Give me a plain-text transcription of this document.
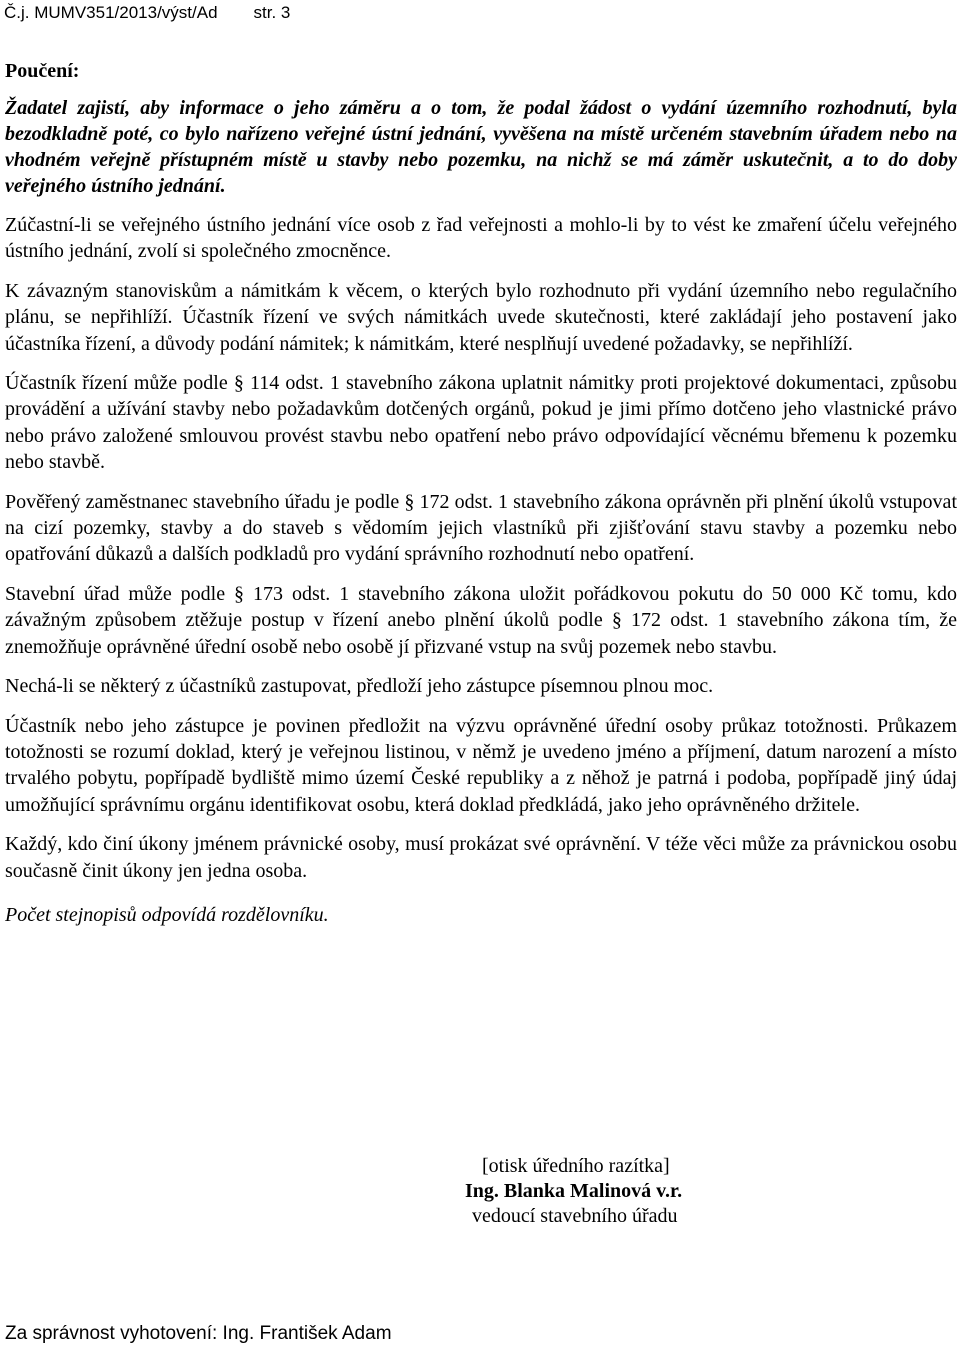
Č.j. MUMV351/2013/výst/Ad str. 3
Poučení:

Žadatel zajistí, aby informace o jeho záměru a o tom, že podal žádost o vydání územního rozhodnutí, byla bezodkladně poté, co bylo nařízeno veřejné ústní jednání, vyvěšena na místě určeném stavebním úřadem nebo na vhodném veřejně přístupném místě u stavby nebo pozemku, na nichž se má záměr uskutečnit, a to do doby veřejného ústního jednání.

Zúčastní-li se veřejného ústního jednání více osob z řad veřejnosti a mohlo-li by to vést ke zmaření účelu veřejného ústního jednání, zvolí si společného zmocněnce.

K závazným stanoviskům a námitkám k věcem, o kterých bylo rozhodnuto při vydání územního nebo regulačního plánu, se nepřihlíží. Účastník řízení ve svých námitkách uvede skutečnosti, které zakládají jeho postavení jako účastníka řízení, a důvody podání námitek; k námitkám, které nesplňují uvedené požadavky, se nepřihlíží.

Účastník řízení může podle § 114 odst. 1 stavebního zákona uplatnit námitky proti projektové dokumentaci, způsobu provádění a užívání stavby nebo požadavkům dotčených orgánů, pokud je jimi přímo dotčeno jeho vlastnické právo nebo právo založené smlouvou provést stavbu nebo opatření nebo právo odpovídající věcnému břemenu k pozemku nebo stavbě.

Pověřený zaměstnanec stavebního úřadu je podle § 172 odst. 1 stavebního zákona oprávněn při plnění úkolů vstupovat na cizí pozemky, stavby a do staveb s vědomím jejich vlastníků při zjišťování stavu stavby a pozemku nebo opatřování důkazů a dalších podkladů pro vydání správního rozhodnutí nebo opatření.

Stavební úřad může podle § 173 odst. 1 stavebního zákona uložit pořádkovou pokutu do 50 000 Kč tomu, kdo závažným způsobem ztěžuje postup v řízení anebo plnění úkolů podle § 172 odst. 1 stavebního zákona tím, že znemožňuje oprávněné úřední osobě nebo osobě jí přizvané vstup na svůj pozemek nebo stavbu.

Nechá-li se některý z účastníků zastupovat, předloží jeho zástupce písemnou plnou moc.

Účastník nebo jeho zástupce je povinen předložit na výzvu oprávněné úřední osoby průkaz totožnosti. Průkazem totožnosti se rozumí doklad, který je veřejnou listinou, v němž je uvedeno jméno a příjmení, datum narození a místo trvalého pobytu, popřípadě bydliště mimo území České republiky a z něhož je patrná i podoba, popřípadě jiný údaj umožňující správnímu orgánu identifikovat osobu, která doklad předkládá, jako jeho oprávněného držitele.

Každý, kdo činí úkony jménem právnické osoby, musí prokázat své oprávnění. V téže věci může za právnickou osobu současně činit úkony jen jedna osoba.

Počet stejnopisů odpovídá rozdělovníku.

[otisk úředního razítka]
Ing. Blanka Malinová v.r.
vedoucí stavebního úřadu
Za správnost vyhotovení: Ing. František Adam
